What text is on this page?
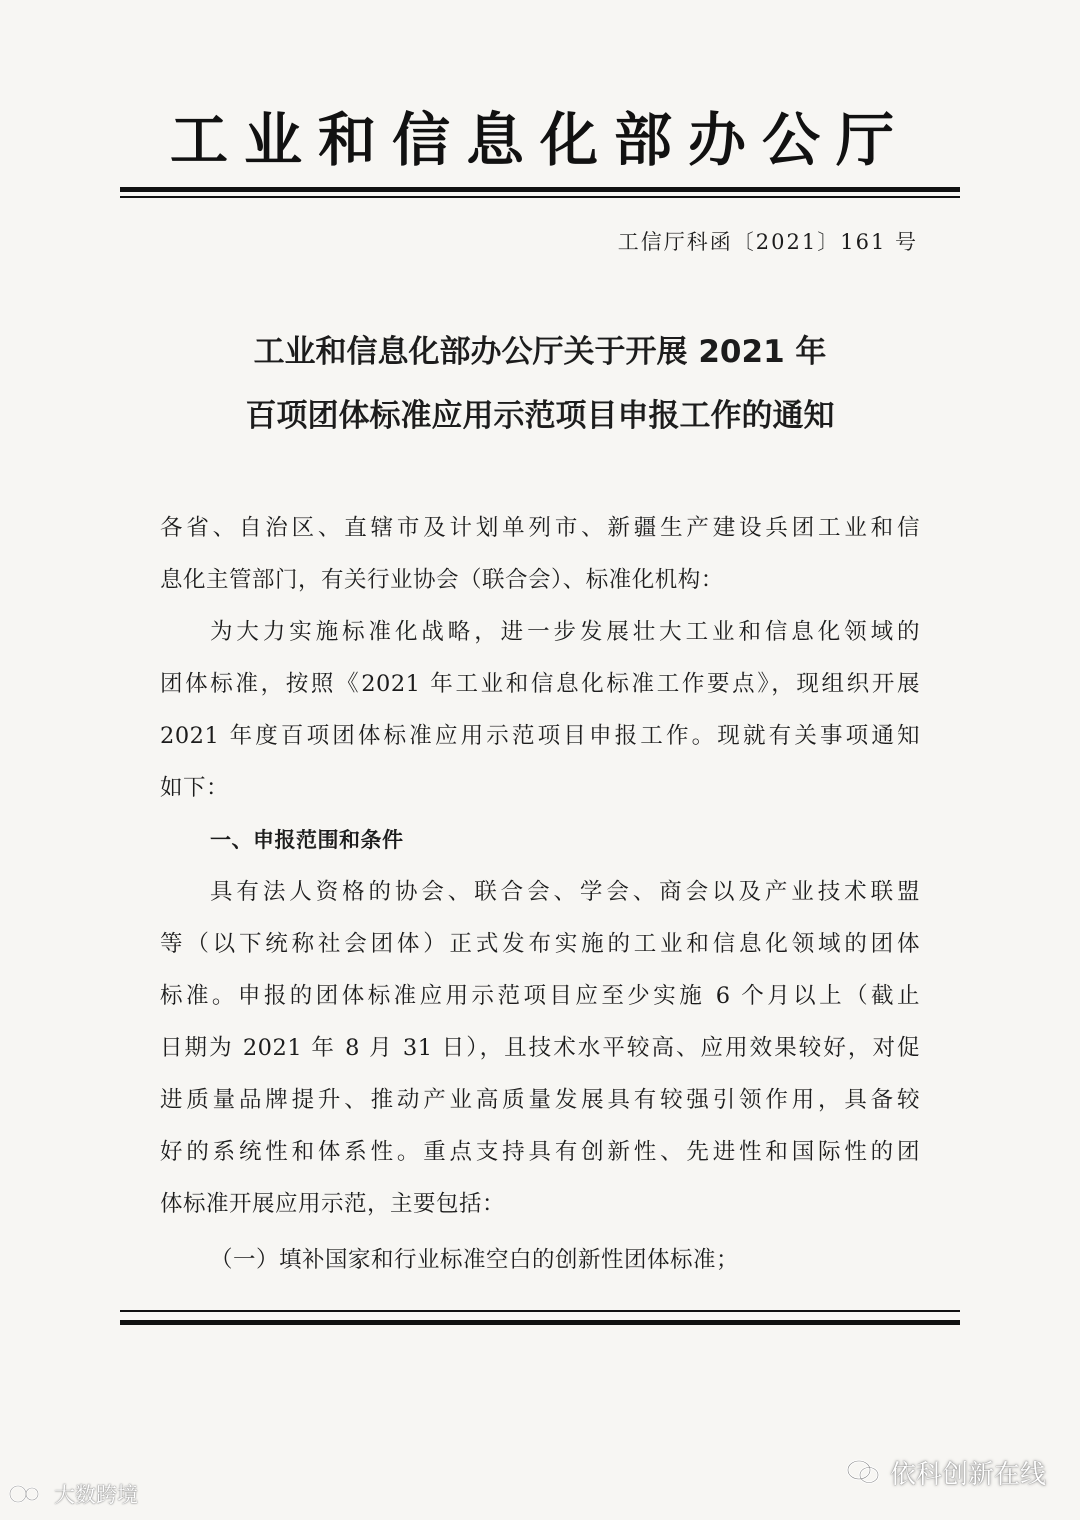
工业和信息化部办公厅
工信厅科函〔2021〕161 号
工业和信息化部办公厅关于开展 2021 年
百项团体标准应用示范项目申报工作的通知
各省、自治区、直辖市及计划单列市、新疆生产建设兵团工业和信
息化主管部门，有关行业协会（联合会）、标准化机构：
为大力实施标准化战略，进一步发展壮大工业和信息化领域的
团体标准，按照《2021 年工业和信息化标准工作要点》，现组织开展
2021 年度百项团体标准应用示范项目申报工作。现就有关事项通知
如下：
一、申报范围和条件
具有法人资格的协会、联合会、学会、商会以及产业技术联盟
等（以下统称社会团体）正式发布实施的工业和信息化领域的团体
标准。申报的团体标准应用示范项目应至少实施 6 个月以上（截止
日期为 2021 年 8 月 31 日），且技术水平较高、应用效果较好，对促
进质量品牌提升、推动产业高质量发展具有较强引领作用，具备较
好的系统性和体系性。重点支持具有创新性、先进性和国际性的团
体标准开展应用示范，主要包括：
（一）填补国家和行业标准空白的创新性团体标准；
大数跨境
依科创新在线
